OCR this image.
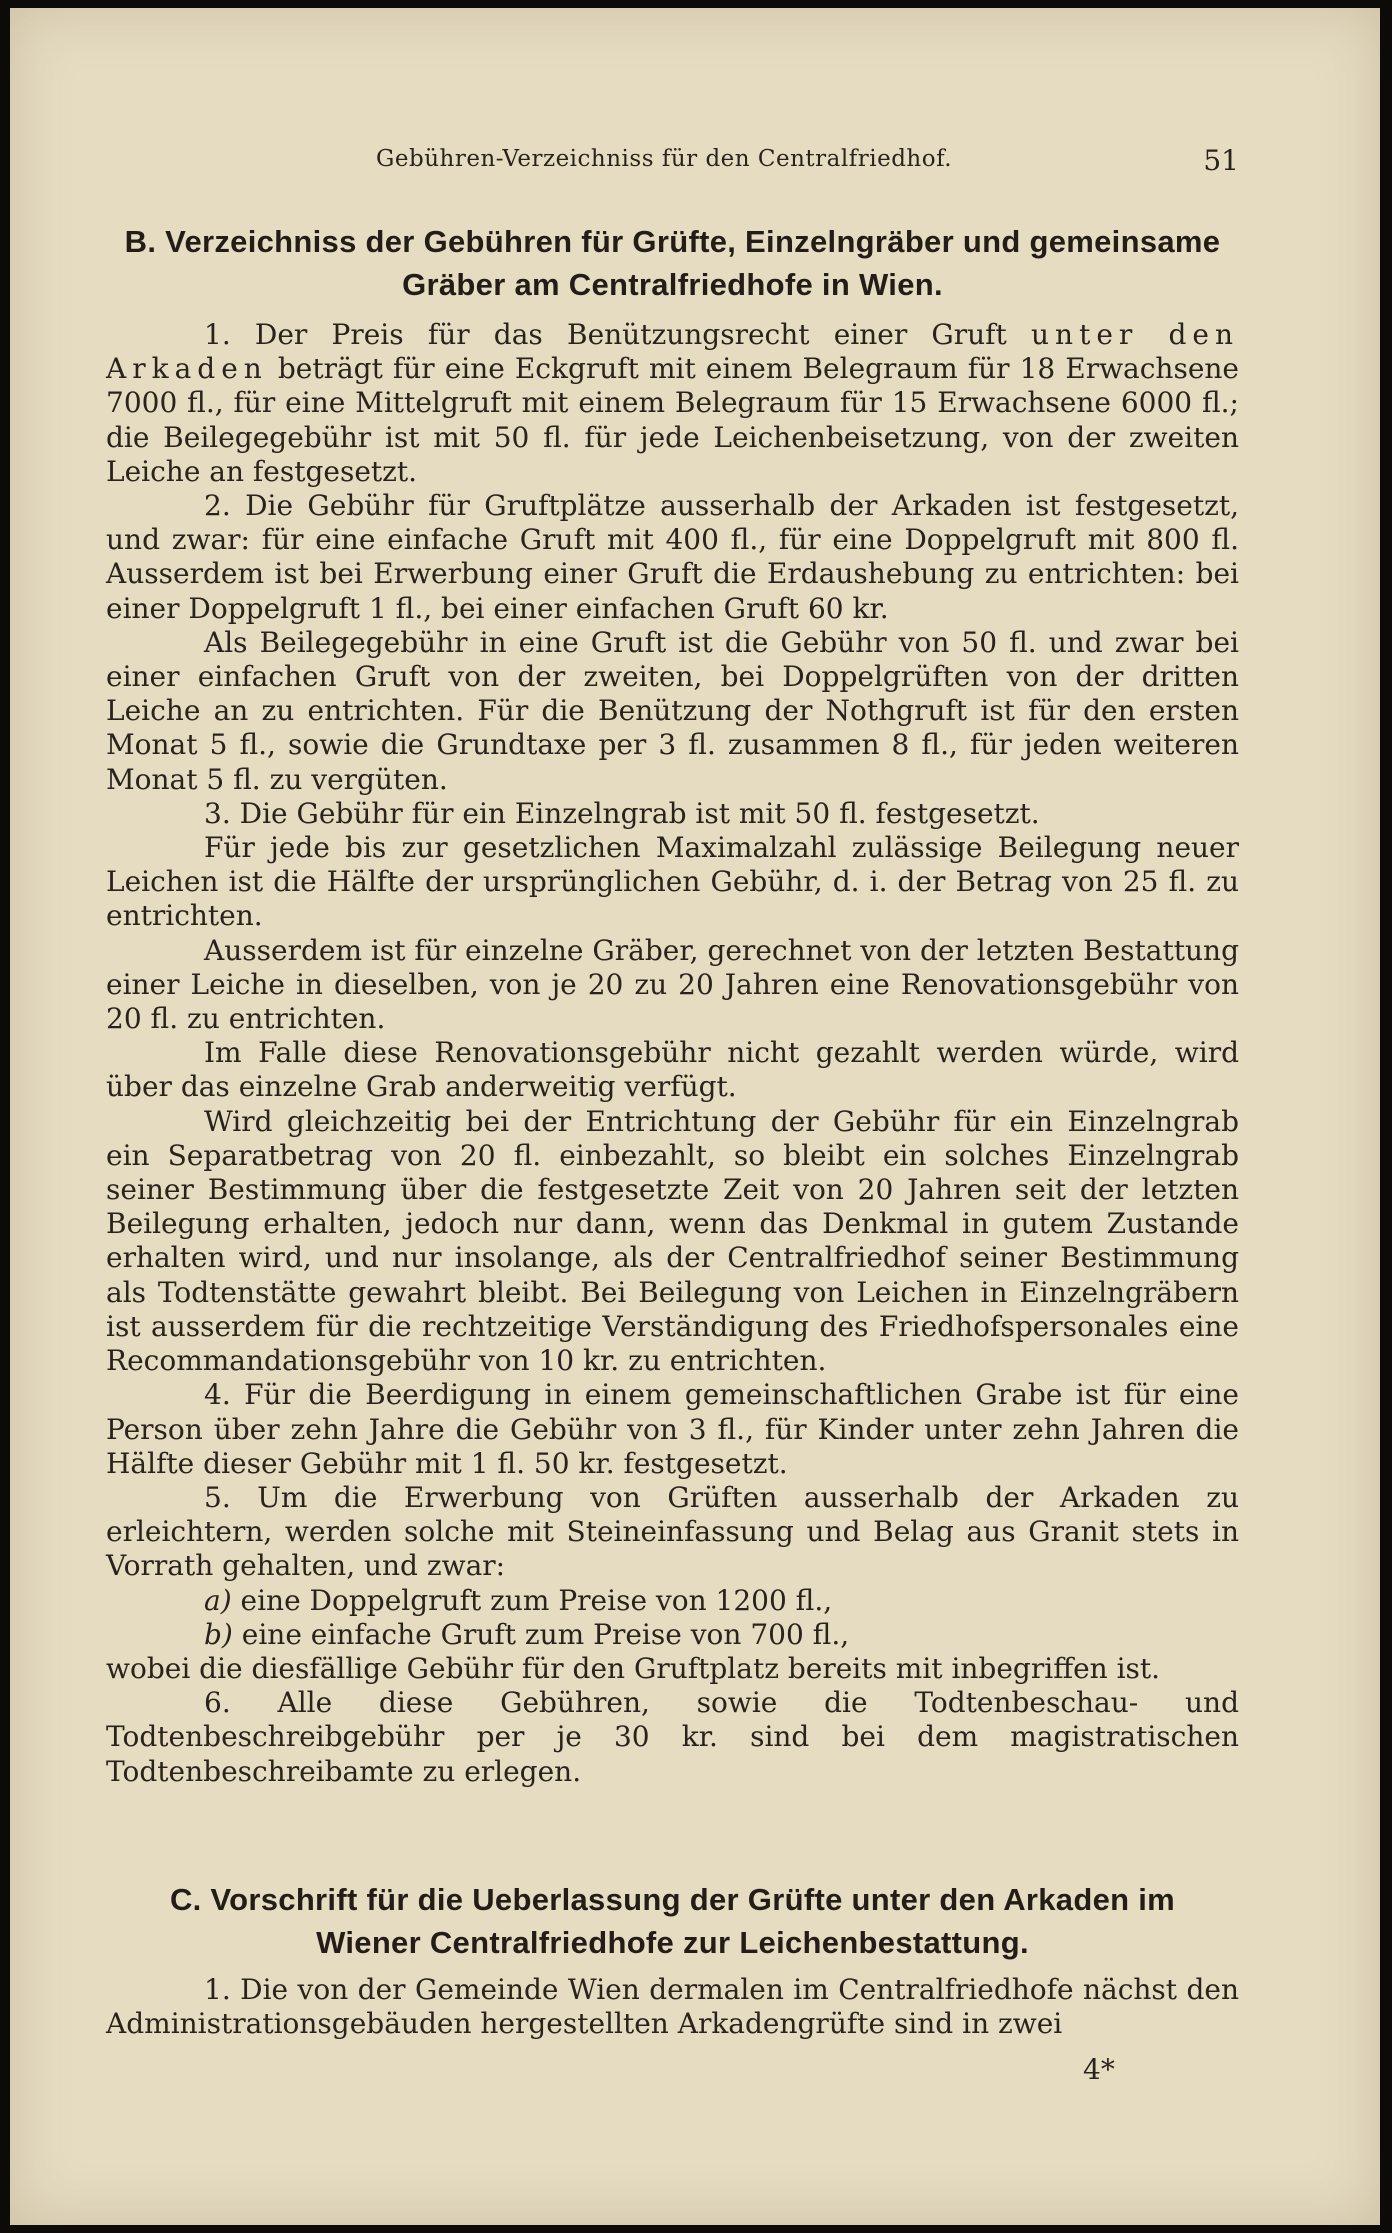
Gebühren-Verzeichniss für den Centralfriedhof.	51
B. Verzeichniss der Gebühren für Grüfte, Einzelngräber und gemeinsame
Gräber am Centralfriedhofe in Wien.

1. Der Preis für das Benützungsrecht einer Gruft unter den Arkaden beträgt für eine Eckgruft mit einem Belegraum für 18 Erwachsene 7000 fl., für eine Mittelgruft mit einem Belegraum für 15 Erwachsene 6000 fl.; die Beilegegebühr ist mit 50 fl. für jede Leichenbeisetzung, von der zweiten Leiche an festgesetzt.

2. Die Gebühr für Gruftplätze ausserhalb der Arkaden ist festgesetzt, und zwar: für eine einfache Gruft mit 400 fl., für eine Doppelgruft mit 800 fl. Ausserdem ist bei Erwerbung einer Gruft die Erdaushebung zu entrichten: bei einer Doppelgruft 1 fl., bei einer einfachen Gruft 60 kr.

Als Beilegegebühr in eine Gruft ist die Gebühr von 50 fl. und zwar bei einer einfachen Gruft von der zweiten, bei Doppelgrüften von der dritten Leiche an zu entrichten. Für die Benützung der Nothgruft ist für den ersten Monat 5 fl., sowie die Grundtaxe per 3 fl. zusammen 8 fl., für jeden weiteren Monat 5 fl. zu vergüten.

3. Die Gebühr für ein Einzelngrab ist mit 50 fl. festgesetzt.

Für jede bis zur gesetzlichen Maximalzahl zulässige Beilegung neuer Leichen ist die Hälfte der ursprünglichen Gebühr, d. i. der Betrag von 25 fl. zu entrichten.

Ausserdem ist für einzelne Gräber, gerechnet von der letzten Bestattung einer Leiche in dieselben, von je 20 zu 20 Jahren eine Renovationsgebühr von 20 fl. zu entrichten.

Im Falle diese Renovationsgebühr nicht gezahlt werden würde, wird über das einzelne Grab anderweitig verfügt.

Wird gleichzeitig bei der Entrichtung der Gebühr für ein Einzelngrab ein Separatbetrag von 20 fl. einbezahlt, so bleibt ein solches Einzelngrab seiner Bestimmung über die festgesetzte Zeit von 20 Jahren seit der letzten Beilegung erhalten, jedoch nur dann, wenn das Denkmal in gutem Zustande erhalten wird, und nur insolange, als der Centralfriedhof seiner Bestimmung als Todtenstätte gewahrt bleibt. Bei Beilegung von Leichen in Einzelngräbern ist ausserdem für die rechtzeitige Verständigung des Friedhofspersonales eine Recommandationsgebühr von 10 kr. zu entrichten.

4. Für die Beerdigung in einem gemeinschaftlichen Grabe ist für eine Person über zehn Jahre die Gebühr von 3 fl., für Kinder unter zehn Jahren die Hälfte dieser Gebühr mit 1 fl. 50 kr. festgesetzt.

5. Um die Erwerbung von Grüften ausserhalb der Arkaden zu erleichtern, werden solche mit Steineinfassung und Belag aus Granit stets in Vorrath gehalten, und zwar:

a) eine Doppelgruft zum Preise von 1200 fl.,

b) eine einfache Gruft zum Preise von 700 fl.,

wobei die diesfällige Gebühr für den Gruftplatz bereits mit inbegriffen ist.

6. Alle diese Gebühren, sowie die Todtenbeschau- und Todtenbeschreibgebühr per je 30 kr. sind bei dem magistratischen Todtenbeschreibamte zu erlegen.

C. Vorschrift für die Ueberlassung der Grüfte unter den Arkaden im
Wiener Centralfriedhofe zur Leichenbestattung.

1. Die von der Gemeinde Wien dermalen im Centralfriedhofe nächst den Administrationsgebäuden hergestellten Arkadengrüfte sind in zwei

4*
